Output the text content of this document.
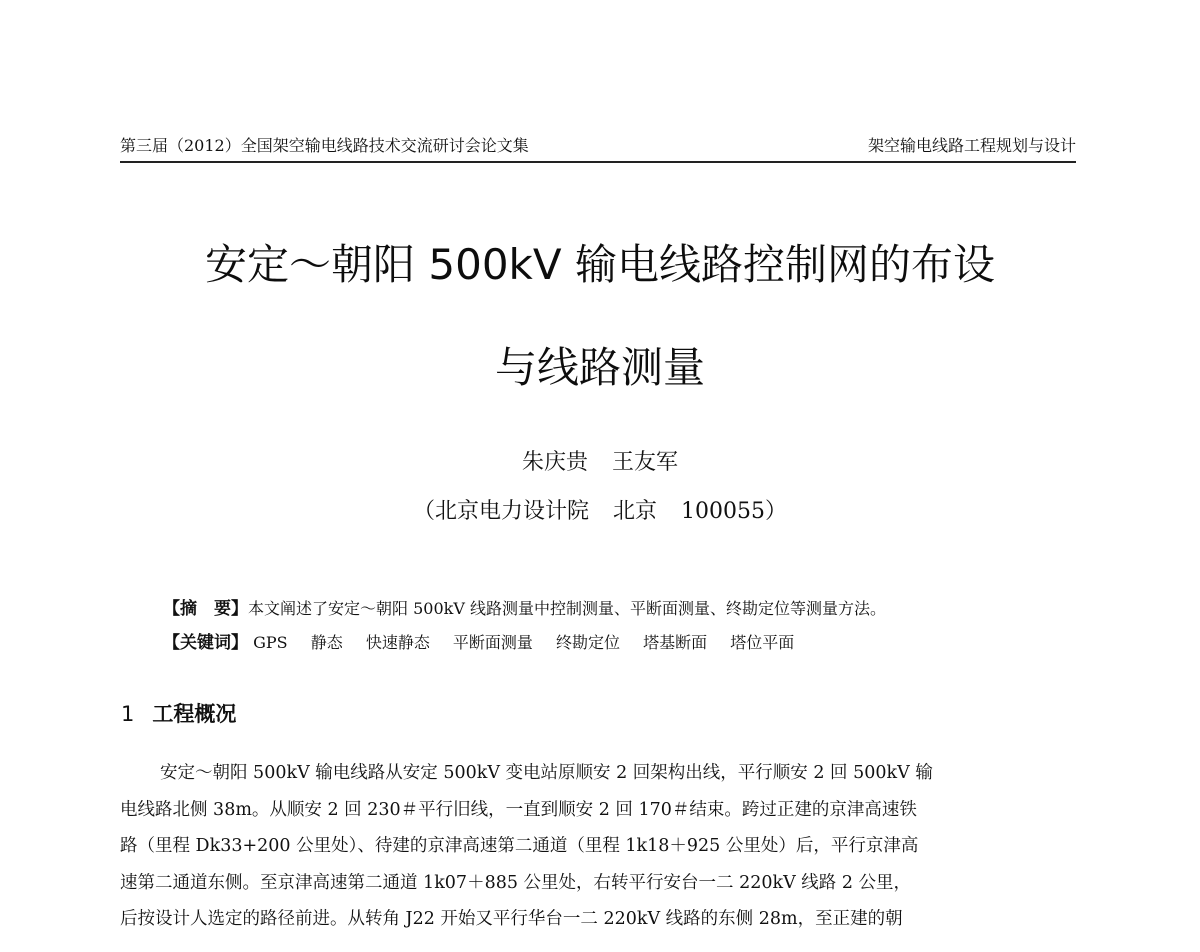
第三届（2012）全国架空输电线路技术交流研讨会论文集	架空输电线路工程规划与设计
安定～朝阳 500kV 输电线路控制网的布设
与线路测量
朱庆贵 王友军
（北京电力设计院 北京 100055）
【摘　要】本文阐述了安定～朝阳 500kV 线路测量中控制测量、平断面测量、终勘定位等测量方法。
【关键词】 GPS 静态 快速静态 平断面测量 终勘定位 塔基断面 塔位平面
1 工程概况
安定～朝阳 500kV 输电线路从安定 500kV 变电站原顺安 2 回架构出线，平行顺安 2 回 500kV 输
电线路北侧 38m。从顺安 2 回 230＃平行旧线，一直到顺安 2 回 170＃结束。跨过正建的京津高速铁
路（里程 Dk33+200 公里处）、待建的京津高速第二通道（里程 1k18＋925 公里处）后，平行京津高
速第二通道东侧。至京津高速第二通道 1k07＋885 公里处，右转平行安台一二 220kV 线路 2 公里，
后按设计人选定的路径前进。从转角 J22 开始又平行华台一二 220kV 线路的东侧 28m，至正建的朝
